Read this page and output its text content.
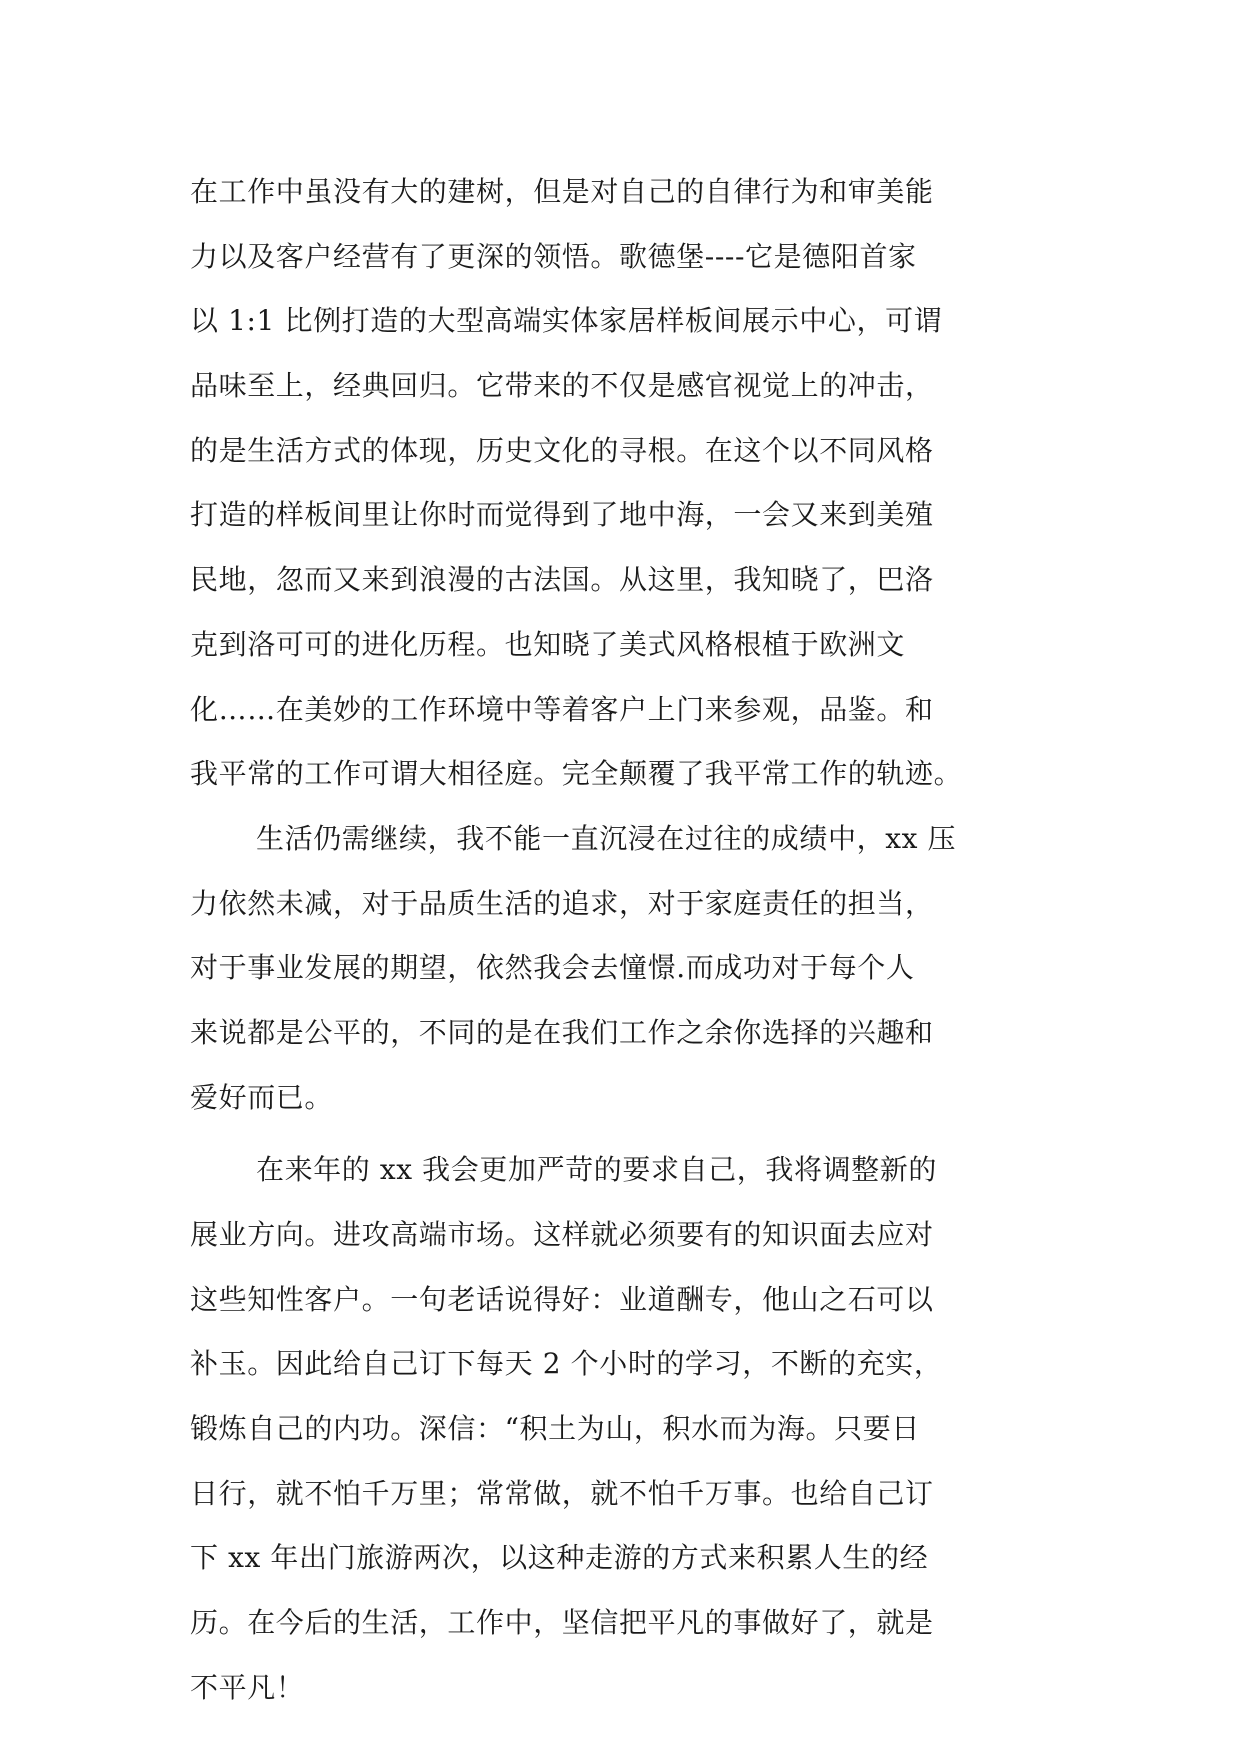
在工作中虽没有大的建树，但是对自己的自律行为和审美能
力以及客户经营有了更深的领悟。歌德堡----它是德阳首家
以 1:1 比例打造的大型高端实体家居样板间展示中心，可谓
品味至上，经典回归。它带来的不仅是感官视觉上的冲击，
的是生活方式的体现，历史文化的寻根。在这个以不同风格
打造的样板间里让你时而觉得到了地中海，一会又来到美殖
民地，忽而又来到浪漫的古法国。从这里，我知晓了，巴洛
克到洛可可的进化历程。也知晓了美式风格根植于欧洲文
化……在美妙的工作环境中等着客户上门来参观，品鉴。和
我平常的工作可谓大相径庭。完全颠覆了我平常工作的轨迹。
生活仍需继续，我不能一直沉浸在过往的成绩中，xx 压
力依然未减，对于品质生活的追求，对于家庭责任的担当，
对于事业发展的期望，依然我会去憧憬.而成功对于每个人
来说都是公平的，不同的是在我们工作之余你选择的兴趣和
爱好而已。
在来年的 xx 我会更加严苛的要求自己，我将调整新的
展业方向。进攻高端市场。这样就必须要有的知识面去应对
这些知性客户。一句老话说得好：业道酬专，他山之石可以
补玉。因此给自己订下每天 2 个小时的学习，不断的充实，
锻炼自己的内功。深信：“积土为山，积水而为海。只要日
日行，就不怕千万里；常常做，就不怕千万事。也给自己订
下 xx 年出门旅游两次，以这种走游的方式来积累人生的经
历。在今后的生活，工作中，坚信把平凡的事做好了，就是
不平凡！
